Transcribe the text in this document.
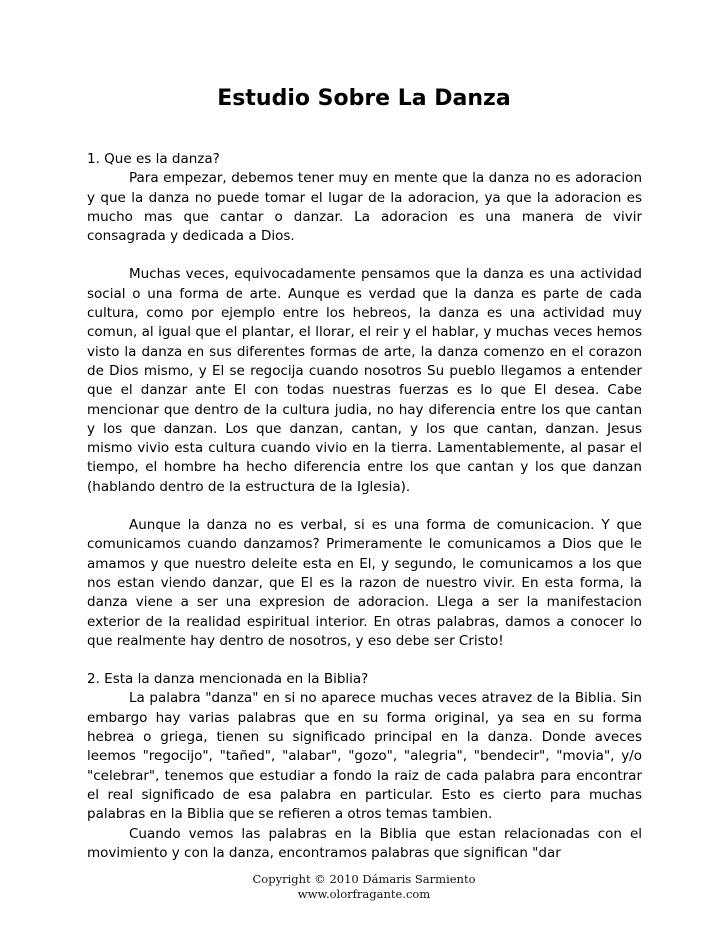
Estudio Sobre La Danza
1. Que es la danza?

Para empezar, debemos tener muy en mente que la danza no es adoracion y que la danza no puede tomar el lugar de la adoracion, ya que la adoracion es mucho mas que cantar o danzar. La adoracion es una manera de vivir consagrada y dedicada a Dios.

Muchas veces, equivocadamente pensamos que la danza es una actividad social o una forma de arte. Aunque es verdad que la danza es parte de cada cultura, como por ejemplo entre los hebreos, la danza es una actividad muy comun, al igual que el plantar, el llorar, el reir y el hablar, y muchas veces hemos visto la danza en sus diferentes formas de arte, la danza comenzo en el corazon de Dios mismo, y El se regocija cuando nosotros Su pueblo llegamos a entender que el danzar ante El con todas nuestras fuerzas es lo que El desea. Cabe mencionar que dentro de la cultura judia, no hay diferencia entre los que cantan y los que danzan. Los que danzan, cantan, y los que cantan, danzan. Jesus mismo vivio esta cultura cuando vivio en la tierra. Lamentablemente, al pasar el tiempo, el hombre ha hecho diferencia entre los que cantan y los que danzan (hablando dentro de la estructura de la Iglesia).

Aunque la danza no es verbal, si es una forma de comunicacion. Y que comunicamos cuando danzamos? Primeramente le comunicamos a Dios que le amamos y que nuestro deleite esta en El, y segundo, le comunicamos a los que nos estan viendo danzar, que El es la razon de nuestro vivir. En esta forma, la danza viene a ser una expresion de adoracion. Llega a ser la manifestacion exterior de la realidad espiritual interior. En otras palabras, damos a conocer lo que realmente hay dentro de nosotros, y eso debe ser Cristo!

2. Esta la danza mencionada en la Biblia?

La palabra "danza" en si no aparece muchas veces atravez de la Biblia. Sin embargo hay varias palabras que en su forma original, ya sea en su forma hebrea o griega, tienen su significado principal en la danza. Donde aveces leemos "regocijo", "tañed", "alabar", "gozo", "alegria", "bendecir", "movia", y/o "celebrar", tenemos que estudiar a fondo la raiz de cada palabra para encontrar el real significado de esa palabra en particular. Esto es cierto para muchas palabras en la Biblia que se refieren a otros temas tambien.

Cuando vemos las palabras en la Biblia que estan relacionadas con el movimiento y con la danza, encontramos palabras que significan "dar

Copyright © 2010 Dámaris Sarmiento
www.olorfragante.com
